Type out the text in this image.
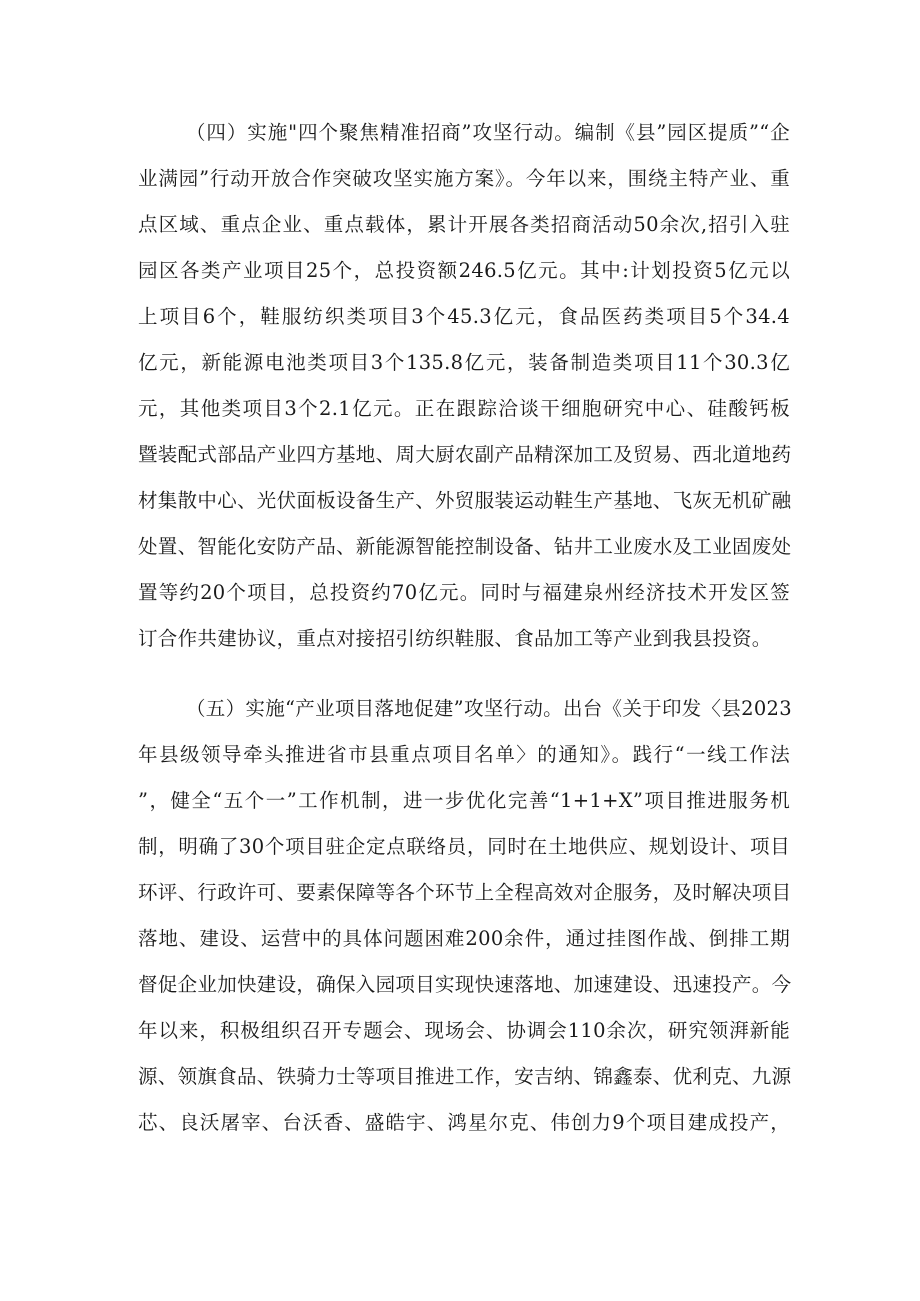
（四）实施"四个聚焦精准招商”攻坚行动。编制《县”园区提质”“企
业满园”行动开放合作突破攻坚实施方案》。今年以来，围绕主特产业、重
点区域、重点企业、重点载体，累计开展各类招商活动50余次,招引入驻
园区各类产业项目25个，总投资额246.5亿元。其中:计划投资5亿元以
上项目6个，鞋服纺织类项目3个45.3亿元，食品医药类项目5个34.4
亿元，新能源电池类项目3个135.8亿元，装备制造类项目11个30.3亿
元，其他类项目3个2.1亿元。正在跟踪洽谈干细胞研究中心、硅酸钙板
暨装配式部品产业四方基地、周大厨农副产品精深加工及贸易、西北道地药
材集散中心、光伏面板设备生产、外贸服装运动鞋生产基地、飞灰无机矿融
处置、智能化安防产品、新能源智能控制设备、钻井工业废水及工业固废处
置等约20个项目，总投资约70亿元。同时与福建泉州经济技术开发区签
订合作共建协议，重点对接招引纺织鞋服、食品加工等产业到我县投资。
（五）实施“产业项目落地促建”攻坚行动。出台《关于印发〈县2023
年县级领导牵头推进省市县重点项目名单〉的通知》。践行“一线工作法
”，健全“五个一”工作机制，进一步优化完善“1+1+X”项目推进服务机
制，明确了30个项目驻企定点联络员，同时在土地供应、规划设计、项目
环评、行政许可、要素保障等各个环节上全程高效对企服务，及时解决项目
落地、建设、运营中的具体问题困难200余件，通过挂图作战、倒排工期
督促企业加快建设，确保入园项目实现快速落地、加速建设、迅速投产。今
年以来，积极组织召开专题会、现场会、协调会110余次，研究领湃新能
源、领旗食品、铁骑力士等项目推进工作，安吉纳、锦鑫泰、优利克、九源
芯、良沃屠宰、台沃香、盛皓宇、鸿星尔克、伟创力9个项目建成投产，
